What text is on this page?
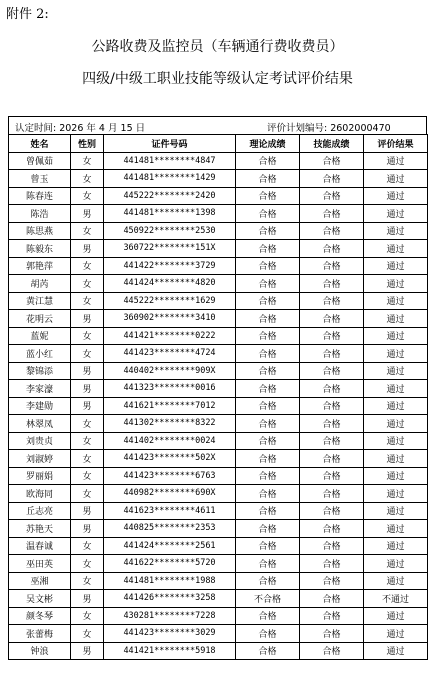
附件 2:
公路收费及监控员（车辆通行费收费员）
四级/中级工职业技能等级认定考试评价结果
认定时间: 2026 年 4 月 15 日	评价计划编号: 2602000470
姓名	性别	证件号码	理论成绩	技能成绩	评价结果
曾佩茹	女	441481********4847	合格	合格	通过
曾玉	女	441481********1429	合格	合格	通过
陈春连	女	445222********2420	合格	合格	通过
陈浩	男	441481********1398	合格	合格	通过
陈思燕	女	450922********2530	合格	合格	通过
陈毅东	男	360722********151X	合格	合格	通过
郭艳萍	女	441422********3729	合格	合格	通过
胡芮	女	441424********4820	合格	合格	通过
黄江慧	女	445222********1629	合格	合格	通过
花明云	男	360902********3410	合格	合格	通过
蓝妮	女	441421********0222	合格	合格	通过
蓝小红	女	441423********4724	合格	合格	通过
黎锦添	男	440402********909X	合格	合格	通过
李家濠	男	441323********0016	合格	合格	通过
李建勋	男	441621********7012	合格	合格	通过
林翠凤	女	441302********8322	合格	合格	通过
刘贵贞	女	441402********0024	合格	合格	通过
刘淑婷	女	441423********502X	合格	合格	通过
罗丽娟	女	441423********6763	合格	合格	通过
欧海同	女	440982********690X	合格	合格	通过
丘志亮	男	441623********4611	合格	合格	通过
苏艳天	男	440825********2353	合格	合格	通过
温春诚	女	441424********2561	合格	合格	通过
巫田英	女	441622********5720	合格	合格	通过
巫湘	女	441481********1988	合格	合格	通过
吴文彬	男	441426********3258	不合格	合格	不通过
颜冬琴	女	430281********7228	合格	合格	通过
张蕾梅	女	441423********3029	合格	合格	通过
钟浪	男	441421********5918	合格	合格	通过
